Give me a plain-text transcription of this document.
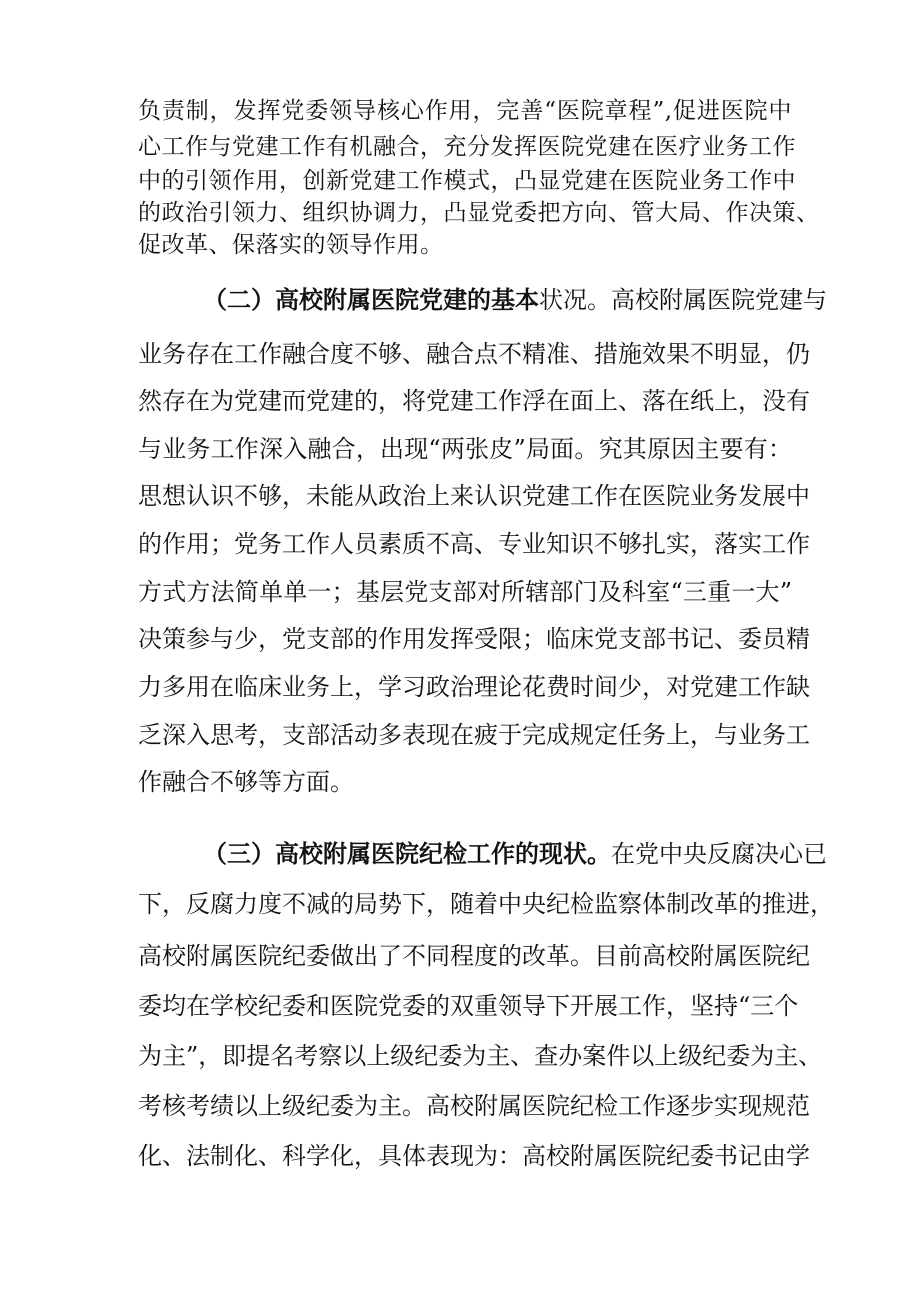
负责制，发挥党委领导核心作用，完善“医院章程”,促进医院中
心工作与党建工作有机融合，充分发挥医院党建在医疗业务工作
中的引领作用，创新党建工作模式，凸显党建在医院业务工作中
的政治引领力、组织协调力，凸显党委把方向、管大局、作决策、
促改革、保落实的领导作用。
（二）高校附属医院党建的基本状况。高校附属医院党建与
业务存在工作融合度不够、融合点不精准、措施效果不明显，仍
然存在为党建而党建的，将党建工作浮在面上、落在纸上，没有
与业务工作深入融合，出现“两张皮”局面。究其原因主要有：
思想认识不够，未能从政治上来认识党建工作在医院业务发展中
的作用；党务工作人员素质不高、专业知识不够扎实，落实工作
方式方法简单单一；基层党支部对所辖部门及科室“三重一大”
决策参与少，党支部的作用发挥受限；临床党支部书记、委员精
力多用在临床业务上，学习政治理论花费时间少，对党建工作缺
乏深入思考，支部活动多表现在疲于完成规定任务上，与业务工
作融合不够等方面。
（三）高校附属医院纪检工作的现状。在党中央反腐决心已
下，反腐力度不减的局势下，随着中央纪检监察体制改革的推进，
高校附属医院纪委做出了不同程度的改革。目前高校附属医院纪
委均在学校纪委和医院党委的双重领导下开展工作，坚持“三个
为主”，即提名考察以上级纪委为主、查办案件以上级纪委为主、
考核考绩以上级纪委为主。高校附属医院纪检工作逐步实现规范
化、法制化、科学化，具体表现为：高校附属医院纪委书记由学
